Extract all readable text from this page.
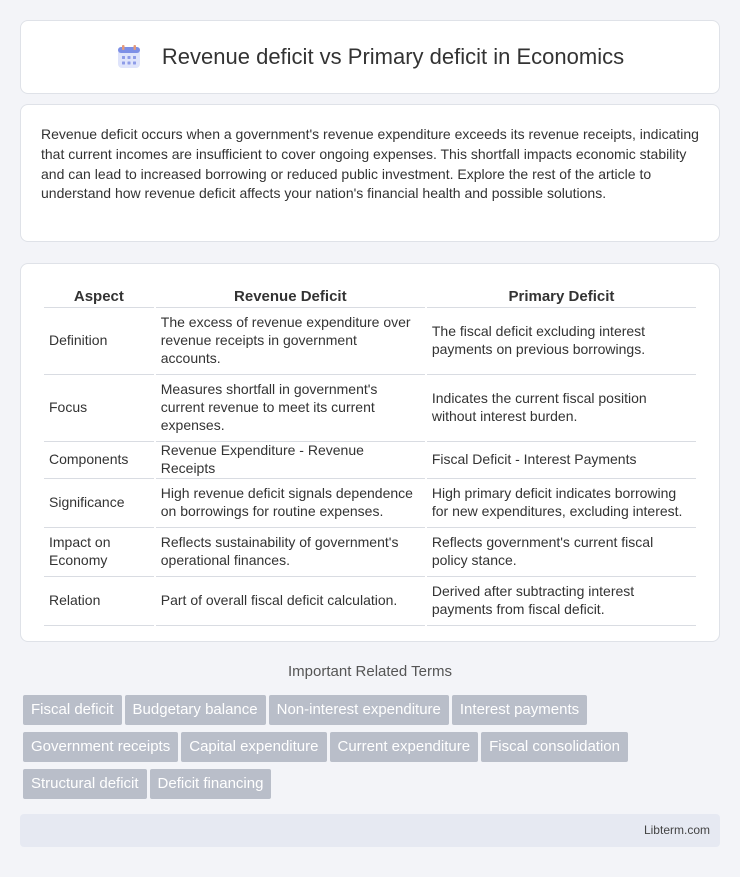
Revenue deficit vs Primary deficit in Economics

Revenue deficit occurs when a government's revenue expenditure exceeds its revenue receipts, indicating that current incomes are insufficient to cover ongoing expenses. This shortfall impacts economic stability and can lead to increased borrowing or reduced public investment. Explore the rest of the article to understand how revenue deficit affects your nation's financial health and possible solutions.

Aspect	Revenue Deficit	Primary Deficit
Definition	The excess of revenue expenditure over revenue receipts in government accounts.	The fiscal deficit excluding interest payments on previous borrowings.
Focus	Measures shortfall in government's current revenue to meet its current expenses.	Indicates the current fiscal position without interest burden.
Components	Revenue Expenditure - Revenue Receipts	Fiscal Deficit - Interest Payments
Significance	High revenue deficit signals dependence on borrowings for routine expenses.	High primary deficit indicates borrowing for new expenditures, excluding interest.
Impact on Economy	Reflects sustainability of government's operational finances.	Reflects government's current fiscal policy stance.
Relation	Part of overall fiscal deficit calculation.	Derived after subtracting interest payments from fiscal deficit.
Important Related Terms
Fiscal deficit Budgetary balance Non-interest expenditure Interest payments
Government receipts Capital expenditure Current expenditure Fiscal consolidation
Structural deficit Deficit financing
Libterm.com
